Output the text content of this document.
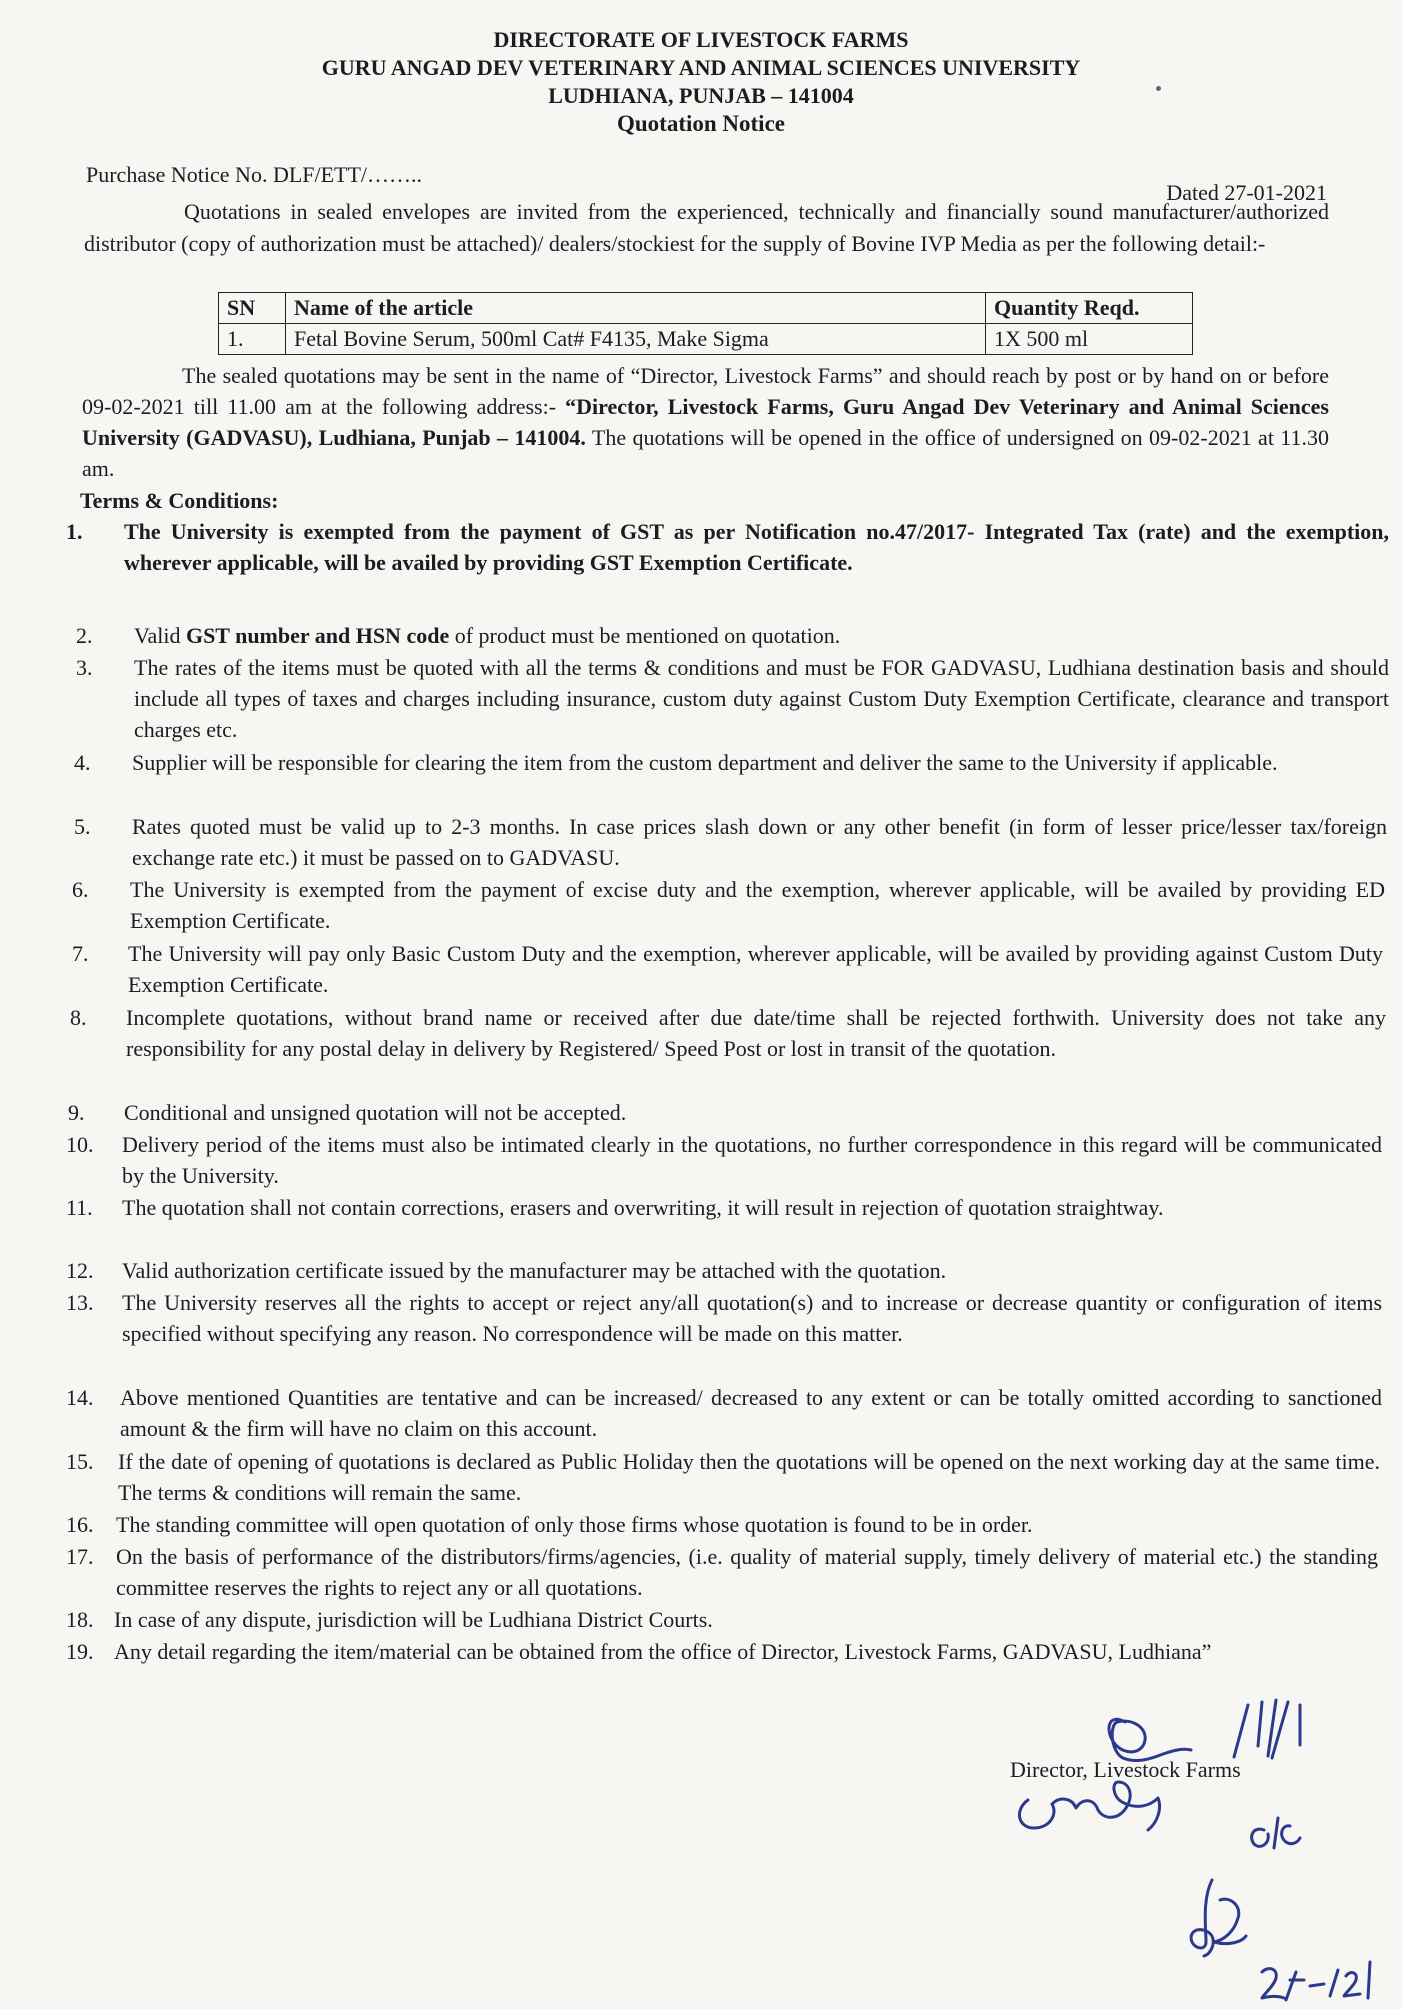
DIRECTORATE OF LIVESTOCK FARMS
GURU ANGAD DEV VETERINARY AND ANIMAL SCIENCES UNIVERSITY
LUDHIANA, PUNJAB – 141004
Quotation Notice
Purchase Notice No. DLF/ETT/……..
Dated 27-01-2021
Quotations in sealed envelopes are invited from the experienced, technically and financially sound manufacturer/authorized distributor (copy of authorization must be attached)/ dealers/stockiest for the supply of Bovine IVP Media as per the following detail:-
SN	Name of the article	Quantity Reqd.
1.	Fetal Bovine Serum, 500ml Cat# F4135, Make Sigma	1X 500 ml
The sealed quotations may be sent in the name of “Director, Livestock Farms” and should reach by post or by hand on or before 09-02-2021 till 11.00 am at the following address:- “Director, Livestock Farms, Guru Angad Dev Veterinary and Animal Sciences University (GADVASU), Ludhiana, Punjab – 141004. The quotations will be opened in the office of undersigned on 09-02-2021 at 11.30 am.
Terms & Conditions:
1. The University is exempted from the payment of GST as per Notification no.47/2017- Integrated Tax (rate) and the exemption, wherever applicable, will be availed by providing GST Exemption Certificate.
2. Valid GST number and HSN code of product must be mentioned on quotation.
3. The rates of the items must be quoted with all the terms & conditions and must be FOR GADVASU, Ludhiana destination basis and should include all types of taxes and charges including insurance, custom duty against Custom Duty Exemption Certificate, clearance and transport charges etc.
4. Supplier will be responsible for clearing the item from the custom department and deliver the same to the University if applicable.
5. Rates quoted must be valid up to 2-3 months. In case prices slash down or any other benefit (in form of lesser price/lesser tax/foreign exchange rate etc.) it must be passed on to GADVASU.
6. The University is exempted from the payment of excise duty and the exemption, wherever applicable, will be availed by providing ED Exemption Certificate.
7. The University will pay only Basic Custom Duty and the exemption, wherever applicable, will be availed by providing against Custom Duty Exemption Certificate.
8. Incomplete quotations, without brand name or received after due date/time shall be rejected forthwith. University does not take any responsibility for any postal delay in delivery by Registered/ Speed Post or lost in transit of the quotation.
9. Conditional and unsigned quotation will not be accepted.
10. Delivery period of the items must also be intimated clearly in the quotations, no further correspondence in this regard will be communicated by the University.
11. The quotation shall not contain corrections, erasers and overwriting, it will result in rejection of quotation straightway.
12. Valid authorization certificate issued by the manufacturer may be attached with the quotation.
13. The University reserves all the rights to accept or reject any/all quotation(s) and to increase or decrease quantity or configuration of items specified without specifying any reason. No correspondence will be made on this matter.
14. Above mentioned Quantities are tentative and can be increased/ decreased to any extent or can be totally omitted according to sanctioned amount & the firm will have no claim on this account.
15. If the date of opening of quotations is declared as Public Holiday then the quotations will be opened on the next working day at the same time. The terms & conditions will remain the same.
16. The standing committee will open quotation of only those firms whose quotation is found to be in order.
17. On the basis of performance of the distributors/firms/agencies, (i.e. quality of material supply, timely delivery of material etc.) the standing committee reserves the rights to reject any or all quotations.
18. In case of any dispute, jurisdiction will be Ludhiana District Courts.
19. Any detail regarding the item/material can be obtained from the office of Director, Livestock Farms, GADVASU, Ludhiana”
Director, Livestock Farms
